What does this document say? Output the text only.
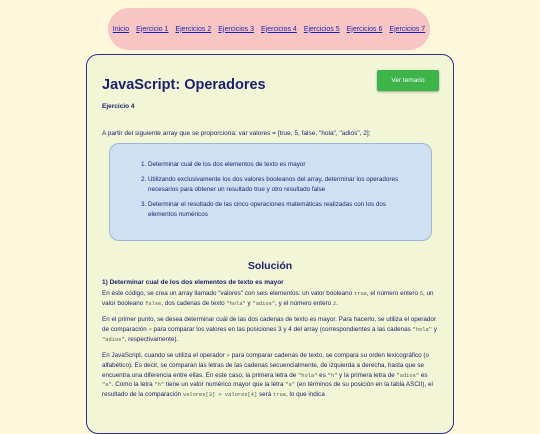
Inicio Ejercicio 1 Ejercicios 2 Ejercicios 3 Ejercicios 4 Ejercicios 5 Ejercicios 6 Ejercicios 7
JavaScript: Operadores	Ver temario
Ejercicio 4
A partir del siguiente array que se proporciona: var valores = [true, 5, false, "hola", "adios", 2];
1. Determinar cual de los dos elementos de texto es mayor
2. Utilizando exclusivamente los dos valores booleanos del array, determinar los operadores necesarios para obtener un resultado true y otro resultado false
3. Determinar el resultado de las cinco operaciones matemáticas realizadas con los dos elementos numéricos
Solución
1) Determinar cual de los dos elementos de texto es mayor

En éste código, se crea un array llamado "valores" con seis elementos: un valor booleano true, el número entero 5, un valor booleano false, dos cadenas de texto "hola" y "adios", y el número entero 2.

En el primer punto, se desea determinar cuál de las dos cadenas de texto es mayor. Para hacerlo, se utiliza el operador de comparación > para comparar los valores en las posiciones 3 y 4 del array (correspondientes a las cadenas "hola" y "adios", respectivamente).

En JavaScript, cuando se utiliza el operador > para comparar cadenas de texto, se compara su orden lexicográfico (o alfabético). Es decir, se comparan las letras de las cadenas secuencialmente, de izquierda a derecha, hasta que se encuentra una diferencia entre ellas. En este caso, la primera letra de "hola" es "h" y la primera letra de "adios" es "a". Como la letra "h" tiene un valor numérico mayor que la letra "a" (en términos de su posición en la tabla ASCII), el resultado de la comparación valores[3] > valores[4] será true, lo que indica
